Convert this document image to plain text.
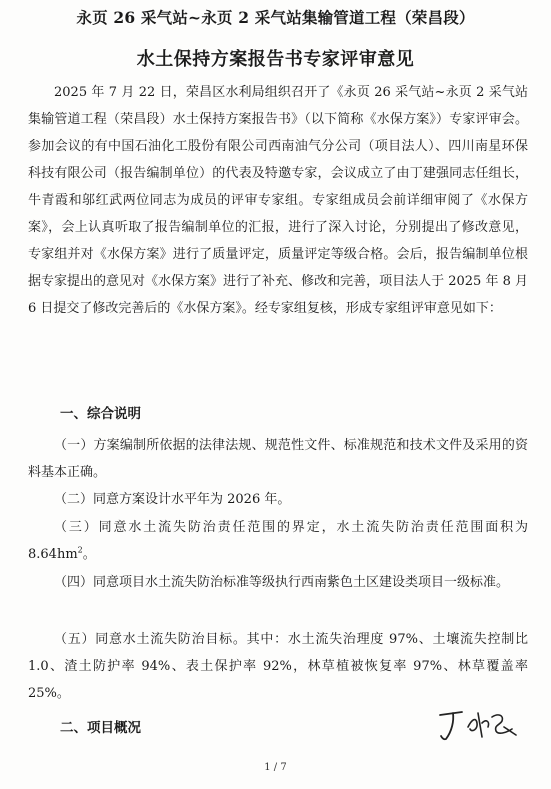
永页 26 采气站~永页 2 采气站集输管道工程（荣昌段）
水土保持方案报告书专家评审意见
2025 年 7 月 22 日，荣昌区水利局组织召开了《永页 26 采气站~永页 2 采气站集输管道工程（荣昌段）水土保持方案报告书》（以下简称《水保方案》）专家评审会。参加会议的有中国石油化工股份有限公司西南油气分公司（项目法人）、四川南星环保科技有限公司（报告编制单位）的代表及特邀专家，会议成立了由丁建强同志任组长，牛青霞和邬红武两位同志为成员的评审专家组。专家组成员会前详细审阅了《水保方案》，会上认真听取了报告编制单位的汇报，进行了深入讨论，分别提出了修改意见，专家组并对《水保方案》进行了质量评定，质量评定等级合格。会后，报告编制单位根据专家提出的意见对《水保方案》进行了补充、修改和完善，项目法人于 2025 年 8 月 6 日提交了修改完善后的《水保方案》。经专家组复核，形成专家组评审意见如下：
一、综合说明
（一）方案编制所依据的法律法规、规范性文件、标准规范和技术文件及采用的资料基本正确。
（二）同意方案设计水平年为 2026 年。
（三）同意水土流失防治责任范围的界定，水土流失防治责任范围面积为 $8.64hm^2$。
（四）同意项目水土流失防治标准等级执行西南紫色土区建设类项目一级标准。
（五）同意水土流失防治目标。其中：水土流失治理度 97%、土壤流失控制比 1.0、渣土防护率 94%、表土保护率 92%，林草植被恢复率 97%、林草覆盖率 25%。
二、项目概况
1 / 7
